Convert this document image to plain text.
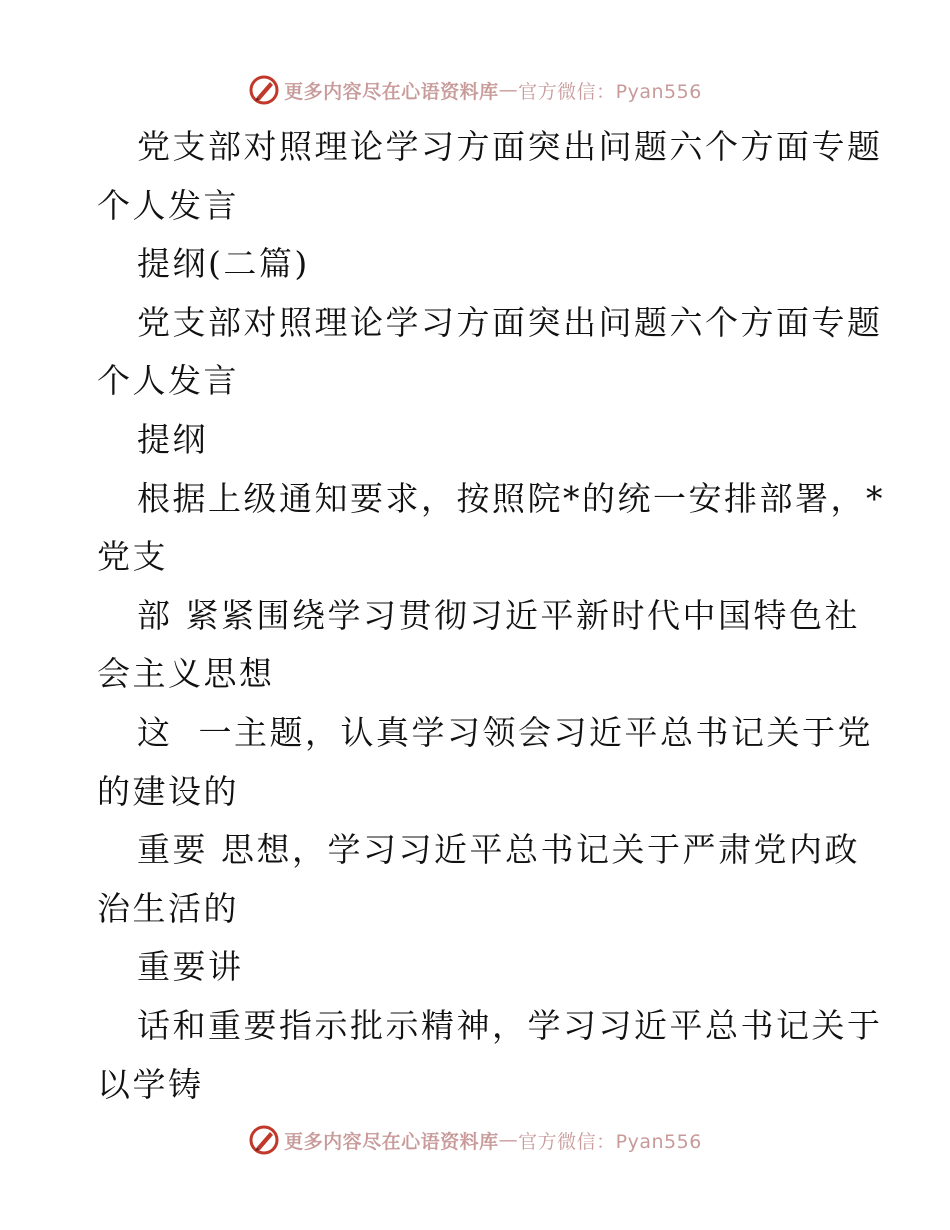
更多内容尽在心语资料库 — 官方微信：Pyan556
党支部对照理论学习方面突出问题六个方面专题
个人发言
提纲(二篇)
党支部对照理论学习方面突出问题六个方面专题
个人发言
提纲
根据上级通知要求，按照院*的统一安排部署，*
党支
部 紧紧围绕学习贯彻习近平新时代中国特色社
会主义思想
这  一主题，认真学习领会习近平总书记关于党
的建设的
重要 思想，学习习近平总书记关于严肃党内政
治生活的
重要讲
话和重要指示批示精神，学习习近平总书记关于
以学铸
更多内容尽在心语资料库 — 官方微信：Pyan556
